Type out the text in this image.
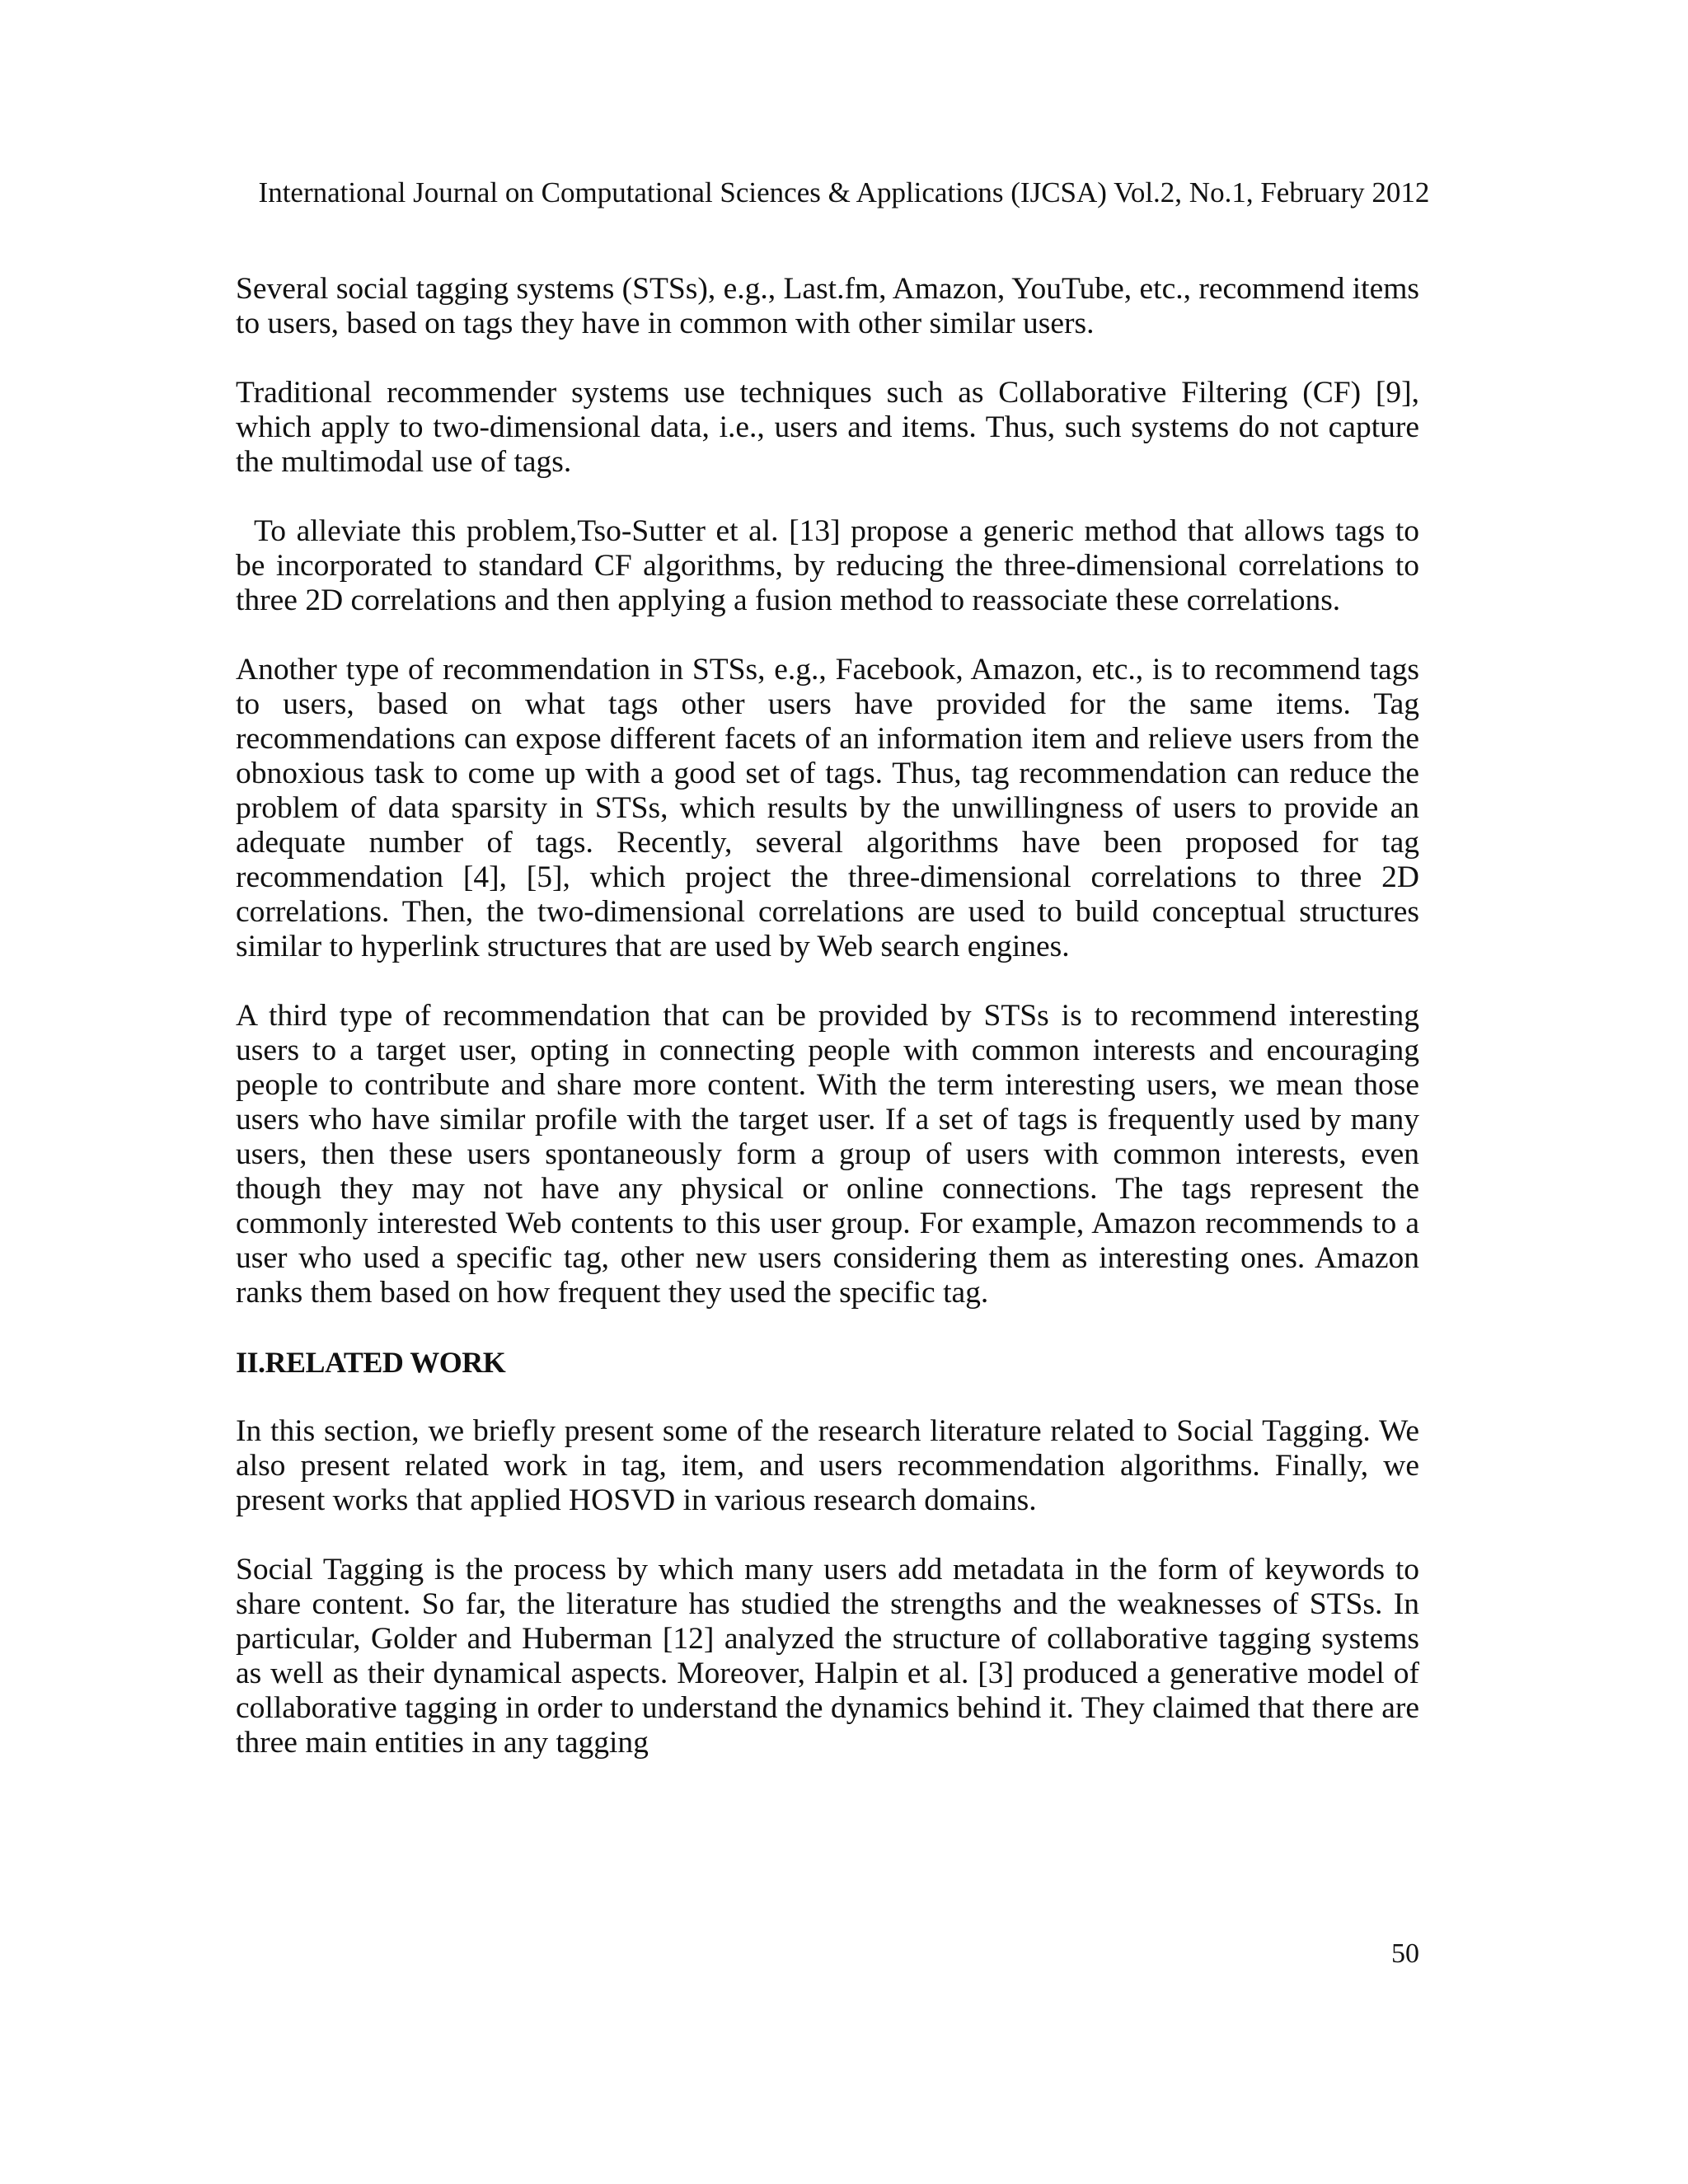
International Journal on Computational Sciences & Applications (IJCSA) Vol.2, No.1, February 2012

Several social tagging systems (STSs), e.g., Last.fm, Amazon, YouTube, etc., recommend items to users, based on tags they have in common with other similar users.

Traditional recommender systems use techniques such as Collaborative Filtering (CF) [9], which apply to two-dimensional data, i.e., users and items. Thus, such systems do not capture the multimodal use of tags.

To alleviate this problem,Tso-Sutter et al. [13] propose a generic method that allows tags to be incorporated to standard CF algorithms, by reducing the three-dimensional correlations to three 2D correlations and then applying a fusion method to reassociate these correlations.

Another type of recommendation in STSs, e.g., Facebook, Amazon, etc., is to recommend tags to users, based on what tags other users have provided for the same items. Tag recommendations can expose different facets of an information item and relieve users from the obnoxious task to come up with a good set of tags. Thus, tag recommendation can reduce the problem of data sparsity in STSs, which results by the unwillingness of users to provide an adequate number of tags. Recently, several algorithms have been proposed for tag recommendation [4], [5], which project the three-dimensional correlations to three 2D correlations. Then, the two-dimensional correlations are used to build conceptual structures similar to hyperlink structures that are used by Web search engines.

A third type of recommendation that can be provided by STSs is to recommend interesting users to a target user, opting in connecting people with common interests and encouraging people to contribute and share more content. With the term interesting users, we mean those users who have similar profile with the target user. If a set of tags is frequently used by many users, then these users spontaneously form a group of users with common interests, even though they may not have any physical or online connections. The tags represent the commonly interested Web contents to this user group. For example, Amazon recommends to a user who used a specific tag, other new users considering them as interesting ones. Amazon ranks them based on how frequent they used the specific tag.

II.RELATED WORK

In this section, we briefly present some of the research literature related to Social Tagging. We also present related work in tag, item, and users recommendation algorithms. Finally, we present works that applied HOSVD in various research domains.

Social Tagging is the process by which many users add metadata in the form of keywords to share content. So far, the literature has studied the strengths and the weaknesses of STSs. In particular, Golder and Huberman [12] analyzed the structure of collaborative tagging systems as well as their dynamical aspects. Moreover, Halpin et al. [3] produced a generative model of collaborative tagging in order to understand the dynamics behind it. They claimed that there are three main entities in any tagging

50
